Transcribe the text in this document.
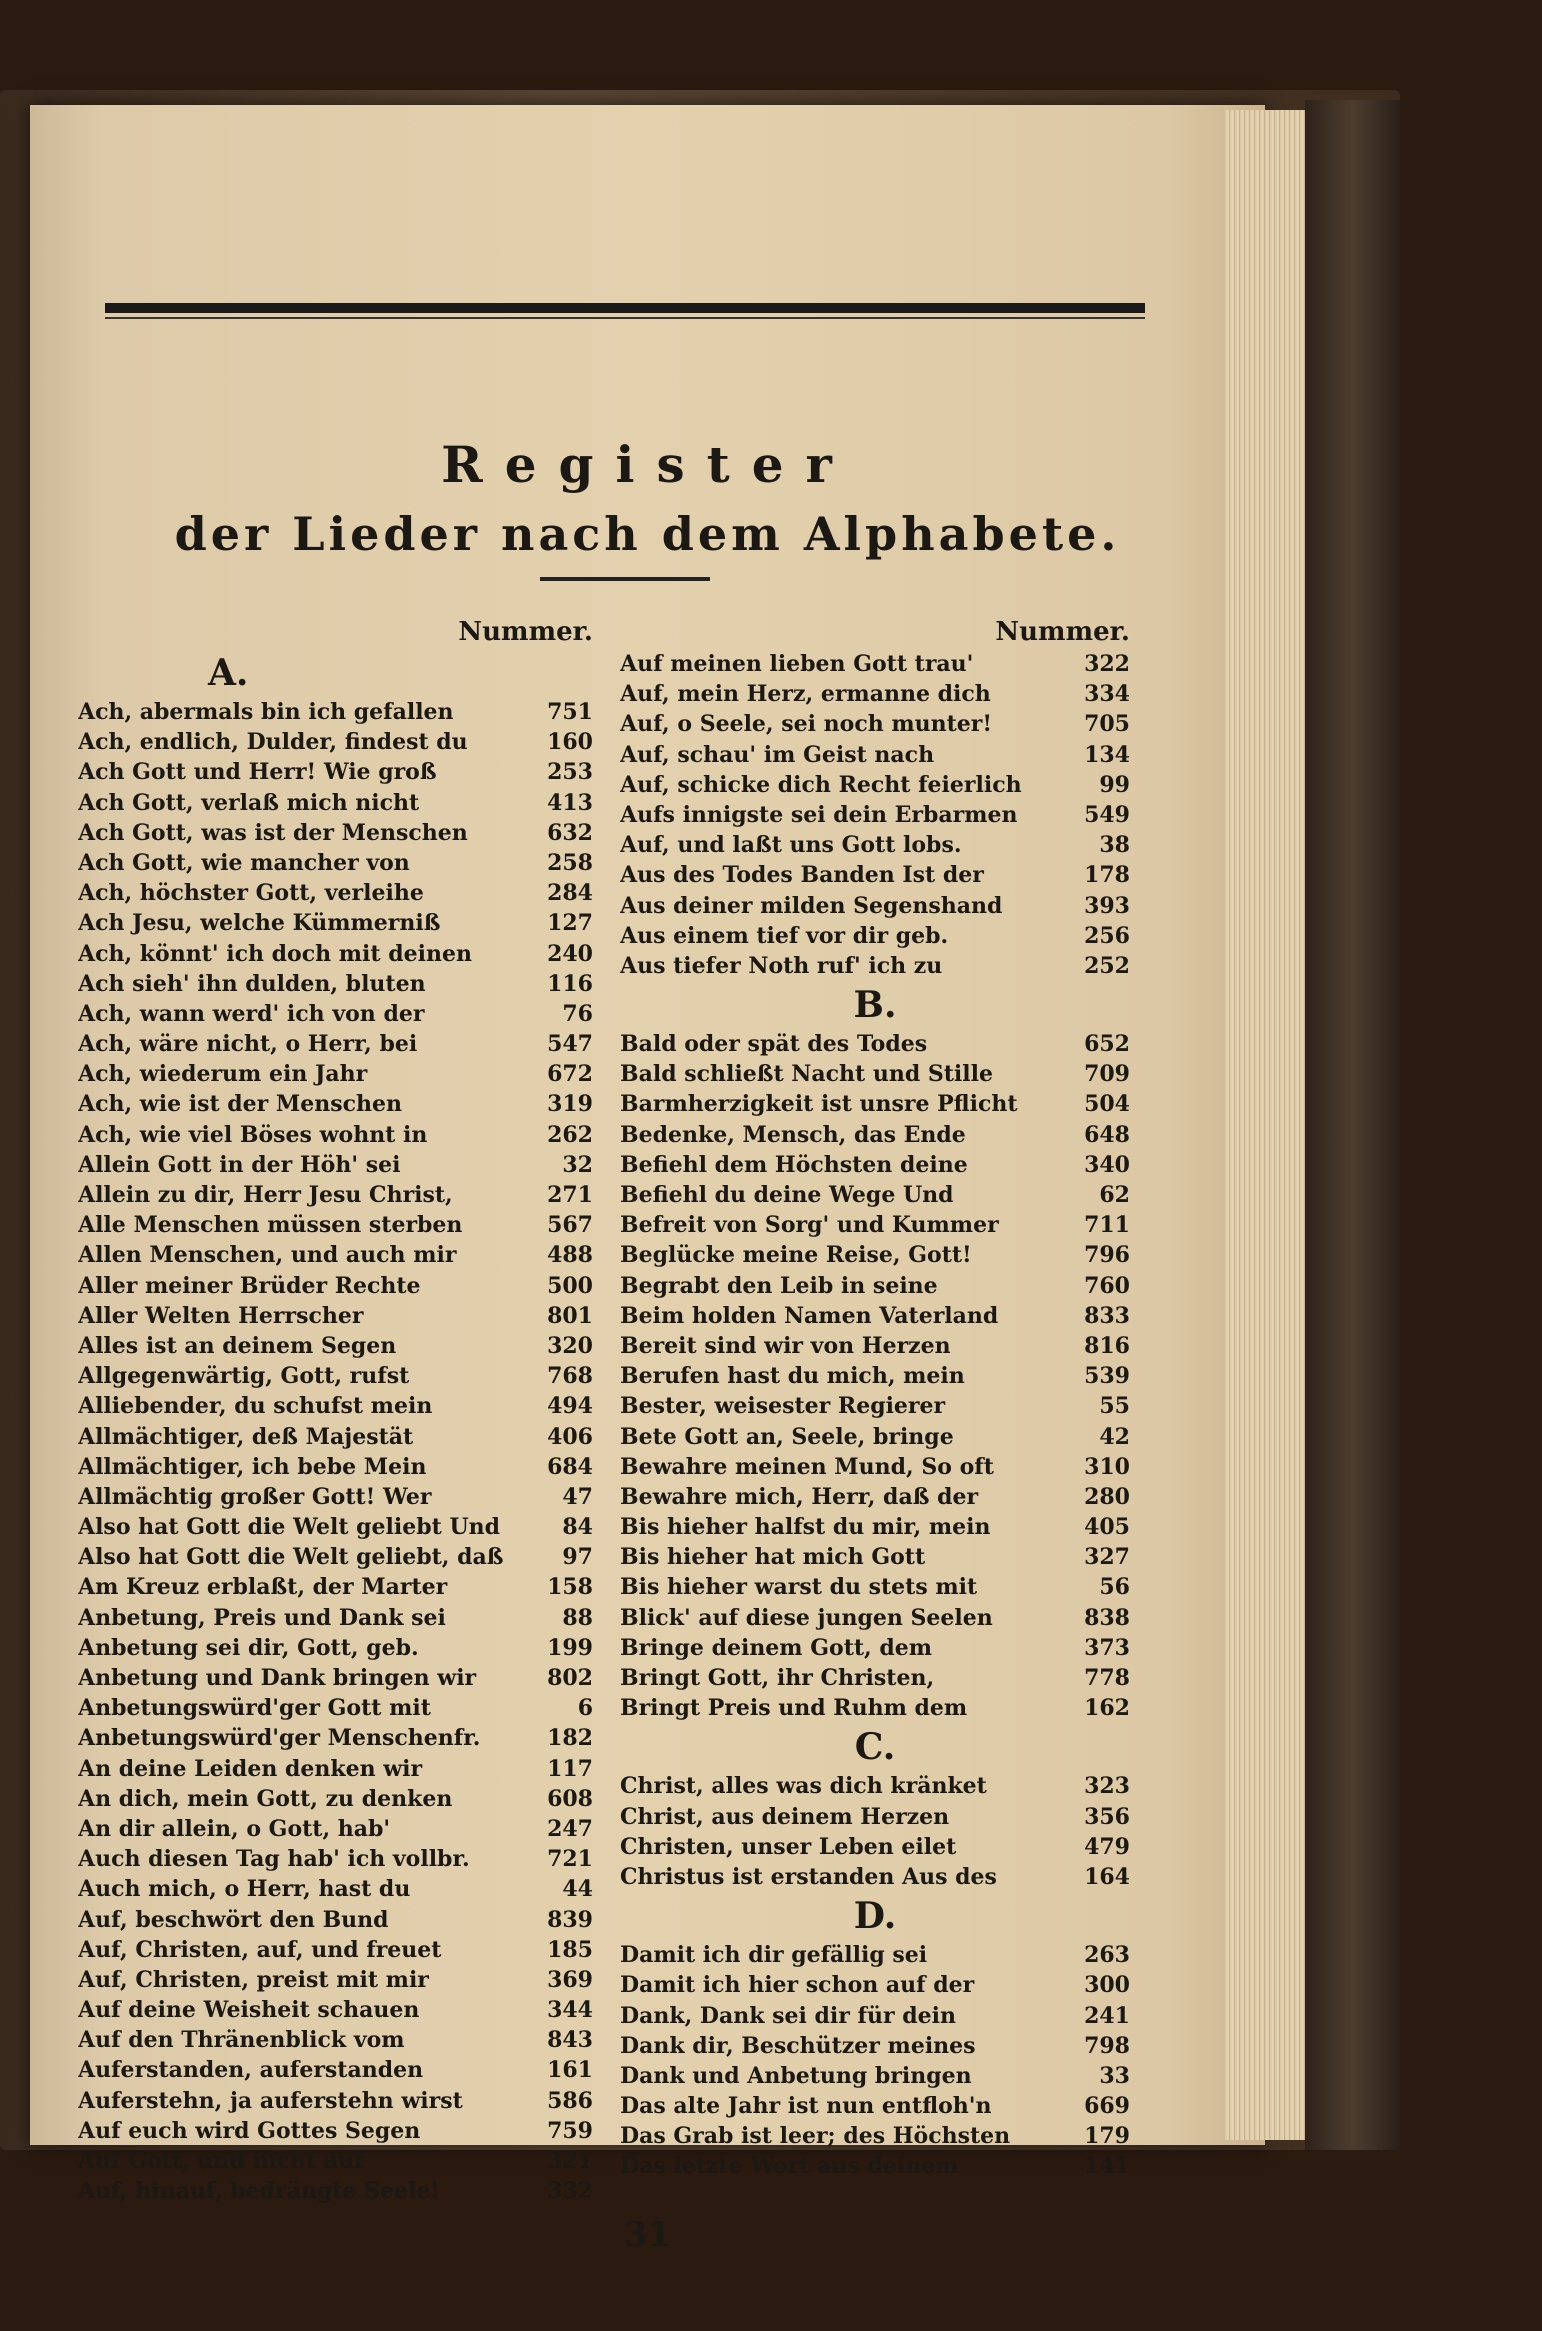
Register
der Lieder nach dem Alphabete.
Nummer.
A.
Ach, abermals bin ich gefallen	751
Ach, endlich, Dulder, findest du	160
Ach Gott und Herr! Wie groß	253
Ach Gott, verlaß mich nicht	413
Ach Gott, was ist der Menschen	632
Ach Gott, wie mancher von	258
Ach, höchster Gott, verleihe	284
Ach Jesu, welche Kümmerniß	127
Ach, könnt' ich doch mit deinen	240
Ach sieh' ihn dulden, bluten	116
Ach, wann werd' ich von der	76
Ach, wäre nicht, o Herr, bei	547
Ach, wiederum ein Jahr	672
Ach, wie ist der Menschen	319
Ach, wie viel Böses wohnt in	262
Allein Gott in der Höh' sei	32
Allein zu dir, Herr Jesu Christ,	271
Alle Menschen müssen sterben	567
Allen Menschen, und auch mir	488
Aller meiner Brüder Rechte	500
Aller Welten Herrscher	801
Alles ist an deinem Segen	320
Allgegenwärtig, Gott, rufst	768
Alliebender, du schufst mein	494
Allmächtiger, deß Majestät	406
Allmächtiger, ich bebe Mein	684
Allmächtig großer Gott! Wer	47
Also hat Gott die Welt geliebt Und	84
Also hat Gott die Welt geliebt, daß	97
Am Kreuz erblaßt, der Marter	158
Anbetung, Preis und Dank sei	88
Anbetung sei dir, Gott, geb.	199
Anbetung und Dank bringen wir	802
Anbetungswürd'ger Gott mit	6
Anbetungswürd'ger Menschenfr.	182
An deine Leiden denken wir	117
An dich, mein Gott, zu denken	608
An dir allein, o Gott, hab'	247
Auch diesen Tag hab' ich vollbr.	721
Auch mich, o Herr, hast du	44
Auf, beschwört den Bund	839
Auf, Christen, auf, und freuet	185
Auf, Christen, preist mit mir	369
Auf deine Weisheit schauen	344
Auf den Thränenblick vom	843
Auferstanden, auferstanden	161
Auferstehn, ja auferstehn wirst	586
Auf euch wird Gottes Segen	759
Auf Gott, und nicht auf	321
Auf, hinauf, bedrängte Seele!	332
Nummer.
Auf meinen lieben Gott trau'	322
Auf, mein Herz, ermanne dich	334
Auf, o Seele, sei noch munter!	705
Auf, schau' im Geist nach	134
Auf, schicke dich Recht feierlich	99
Aufs innigste sei dein Erbarmen	549
Auf, und laßt uns Gott lobs.	38
Aus des Todes Banden Ist der	178
Aus deiner milden Segenshand	393
Aus einem tief vor dir geb.	256
Aus tiefer Noth ruf' ich zu	252
B.
Bald oder spät des Todes	652
Bald schließt Nacht und Stille	709
Barmherzigkeit ist unsre Pflicht	504
Bedenke, Mensch, das Ende	648
Befiehl dem Höchsten deine	340
Befiehl du deine Wege Und	62
Befreit von Sorg' und Kummer	711
Beglücke meine Reise, Gott!	796
Begrabt den Leib in seine	760
Beim holden Namen Vaterland	833
Bereit sind wir von Herzen	816
Berufen hast du mich, mein	539
Bester, weisester Regierer	55
Bete Gott an, Seele, bringe	42
Bewahre meinen Mund, So oft	310
Bewahre mich, Herr, daß der	280
Bis hieher halfst du mir, mein	405
Bis hieher hat mich Gott	327
Bis hieher warst du stets mit	56
Blick' auf diese jungen Seelen	838
Bringe deinem Gott, dem	373
Bringt Gott, ihr Christen,	778
Bringt Preis und Ruhm dem	162
C.
Christ, alles was dich kränket	323
Christ, aus deinem Herzen	356
Christen, unser Leben eilet	479
Christus ist erstanden Aus des	164
D.
Damit ich dir gefällig sei	263
Damit ich hier schon auf der	300
Dank, Dank sei dir für dein	241
Dank dir, Beschützer meines	798
Dank und Anbetung bringen	33
Das alte Jahr ist nun entfloh'n	669
Das Grab ist leer; des Höchsten	179
Das letzte Wort aus deinem	141
31
